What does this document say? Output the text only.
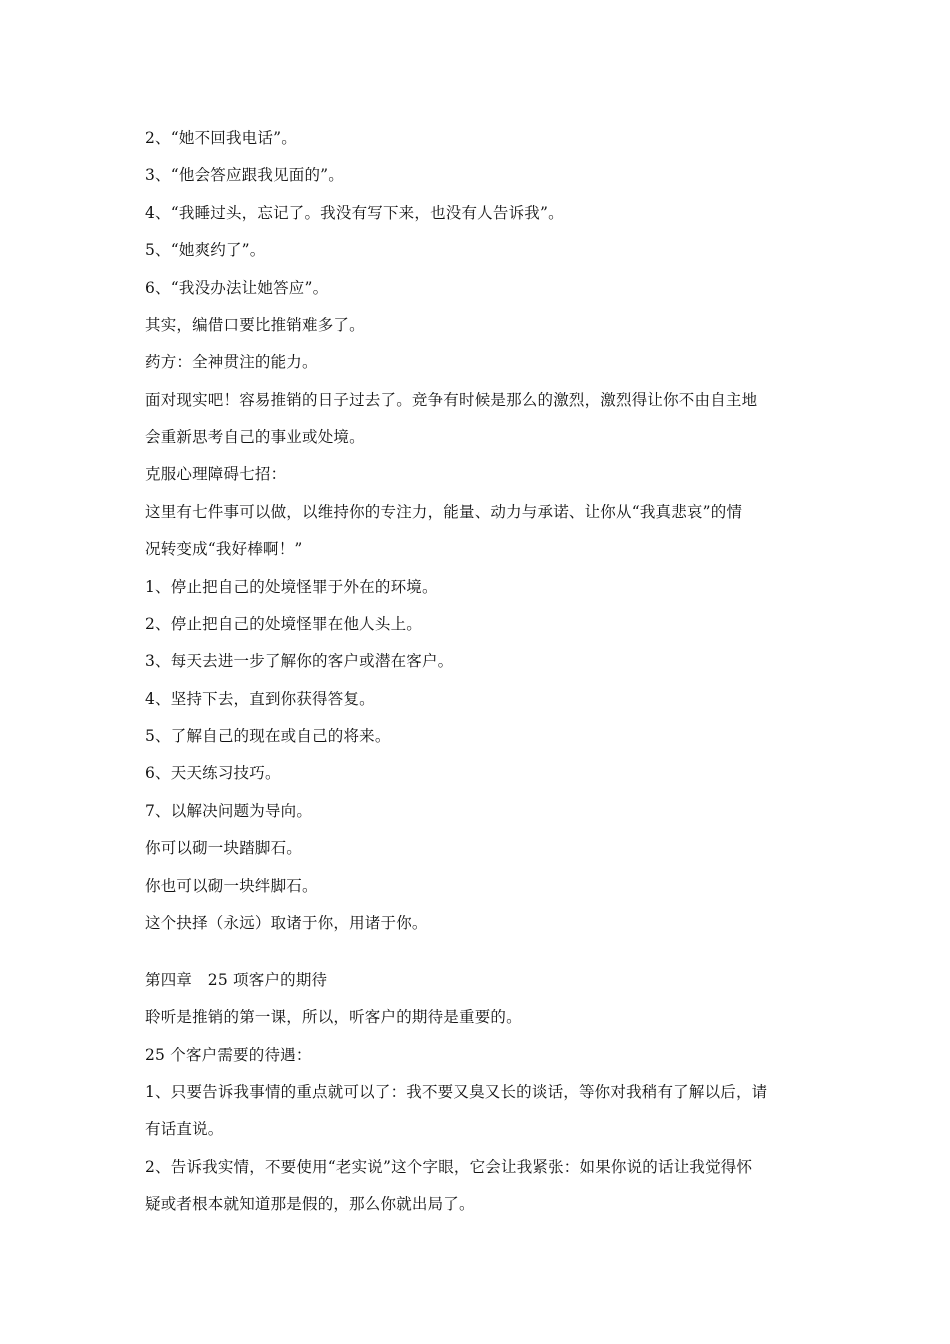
2、“她不回我电话”。
3、“他会答应跟我见面的”。
4、“我睡过头，忘记了。我没有写下来，也没有人告诉我”。
5、“她爽约了”。
6、“我没办法让她答应”。
其实，编借口要比推销难多了。
药方：全神贯注的能力。
面对现实吧！容易推销的日子过去了。竞争有时候是那么的激烈，激烈得让你不由自主地
会重新思考自己的事业或处境。
克服心理障碍七招：
这里有七件事可以做，以维持你的专注力，能量、动力与承诺、让你从“我真悲哀”的情
况转变成“我好棒啊！”
1、停止把自己的处境怪罪于外在的环境。
2、停止把自己的处境怪罪在他人头上。
3、每天去进一步了解你的客户或潜在客户。
4、坚持下去，直到你获得答复。
5、了解自己的现在或自己的将来。
6、天天练习技巧。
7、以解决问题为导向。
你可以砌一块踏脚石。
你也可以砌一块绊脚石。
这个抉择（永远）取诸于你，用诸于你。
第四章　25 项客户的期待
聆听是推销的第一课，所以，听客户的期待是重要的。
25 个客户需要的待遇：
1、只要告诉我事情的重点就可以了：我不要又臭又长的谈话，等你对我稍有了解以后，请
有话直说。
2、告诉我实情，不要使用“老实说”这个字眼，它会让我紧张：如果你说的话让我觉得怀
疑或者根本就知道那是假的，那么你就出局了。
